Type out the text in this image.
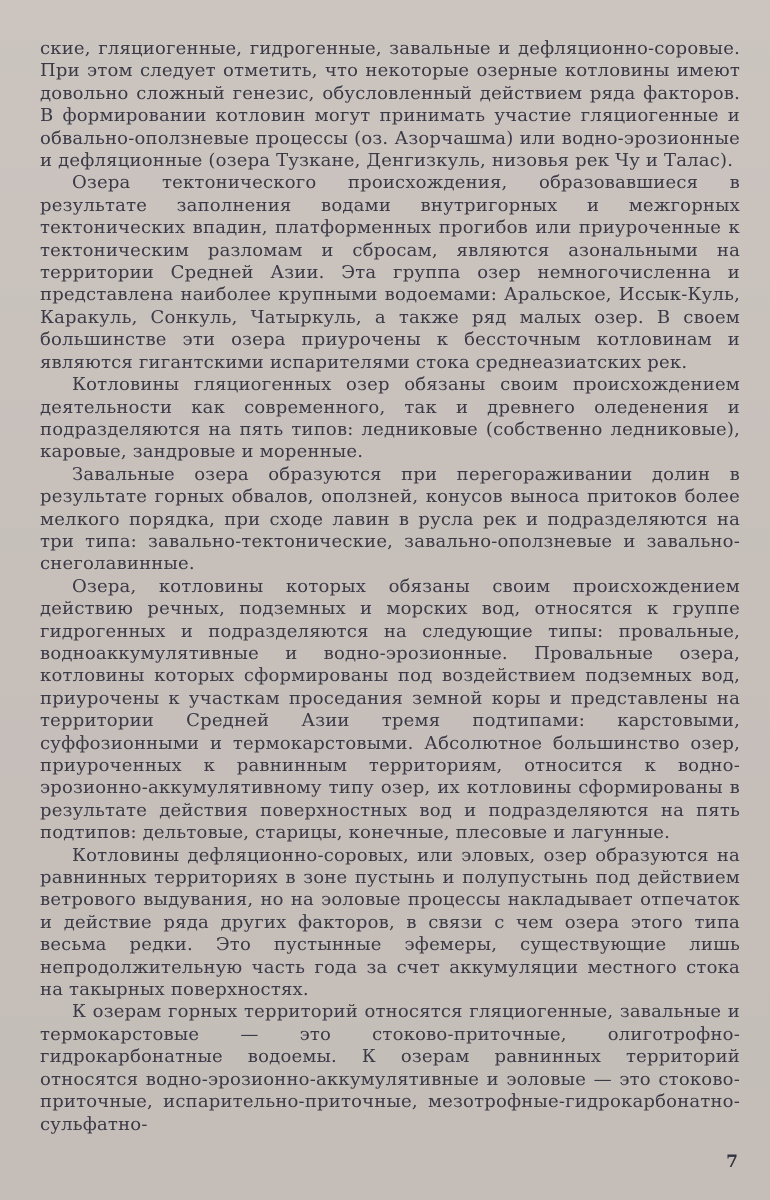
ские, гляциогенные, гидрогенные, завальные и дефляционно-соровые. При этом следует отметить, что некоторые озерные котловины имеют довольно сложный генезис, обусловленный действием ряда факторов. В формировании котловин могут принимать участие гляциогенные и обвально-оползневые процессы (оз. Азорчашма) или водно-эрозионные и дефляционные (озера Тузкане, Денгизкуль, низовья рек Чу и Талас).

Озера тектонического происхождения, образовавшиеся в результате заполнения водами внутригорных и межгорных тектонических впадин, платформенных прогибов или приуроченные к тектоническим разломам и сбросам, являются азональными на территории Средней Азии. Эта группа озер немногочисленна и представлена наиболее крупными водоемами: Аральское, Иссык-Куль, Каракуль, Сонкуль, Чатыркуль, а также ряд малых озер. В своем большинстве эти озера приурочены к бессточным котловинам и являются гигантскими испарителями стока среднеазиатских рек.

Котловины гляциогенных озер обязаны своим происхождением деятельности как современного, так и древнего оледенения и подразделяются на пять типов: ледниковые (собственно ледниковые), каровые, зандровые и моренные.

Завальные озера образуются при перегораживании долин в результате горных обвалов, оползней, конусов выноса притоков более мелкого порядка, при сходе лавин в русла рек и подразделяются на три типа: завально-тектонические, завально-оползневые и завально-снеголавинные.

Озера, котловины которых обязаны своим происхождением действию речных, подземных и морских вод, относятся к группе гидрогенных и подразделяются на следующие типы: провальные, водноаккумулятивные и водно-эрозионные. Провальные озера, котловины которых сформированы под воздействием подземных вод, приурочены к участкам проседания земной коры и представлены на территории Средней Азии тремя подтипами: карстовыми, суффозионными и термокарстовыми. Абсолютное большинство озер, приуроченных к равнинным территориям, относится к водно-эрозионно-аккумулятивному типу озер, их котловины сформированы в результате действия поверхностных вод и подразделяются на пять подтипов: дельтовые, старицы, конечные, плесовые и лагунные.

Котловины дефляционно-соровых, или эловых, озер образуются на равнинных территориях в зоне пустынь и полупустынь под действием ветрового выдувания, но на эоловые процессы накладывает отпечаток и действие ряда других факторов, в связи с чем озера этого типа весьма редки. Это пустынные эфемеры, существующие лишь непродолжительную часть года за счет аккумуляции местного стока на такырных поверхностях.

К озерам горных территорий относятся гляциогенные, завальные и термокарстовые — это стоково-приточные, олиготрофно-гидрокарбонатные водоемы. К озерам равнинных территорий относятся водно-эрозионно-аккумулятивные и эоловые — это стоково-приточные, испарительно-приточные, мезотрофные-гидрокарбонатно-сульфатно-

7
